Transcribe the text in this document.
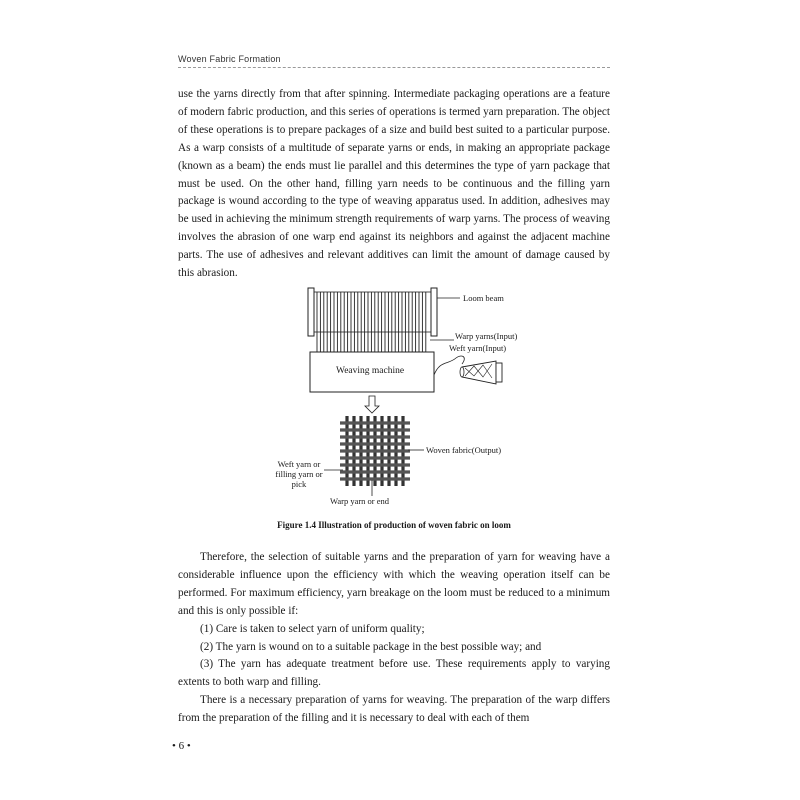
Woven Fabric Formation

use the yarns directly from that after spinning. Intermediate packaging operations are a feature of modern fabric production, and this series of operations is termed yarn preparation. The object of these operations is to prepare packages of a size and build best suited to a particular purpose. As a warp consists of a multitude of separate yarns or ends, in making an appropriate package (known as a beam) the ends must lie parallel and this determines the type of yarn package that must be used. On the other hand, filling yarn needs to be continuous and the filling yarn package is wound according to the type of weaving apparatus used. In addition, adhesives may be used in achieving the minimum strength requirements of warp yarns. The process of weaving involves the abrasion of one warp end against its neighbors and against the adjacent machine parts. The use of adhesives and relevant additives can limit the amount of damage caused by this abrasion.

Loom beam
Warp yarns(Input)
Weft yarn(Input)
Weaving machine
Woven fabric(Output)
Weft yarn or
filling yarn or
pick
Warp yarn or end
Figure 1.4 Illustration of production of woven fabric on loom

Therefore, the selection of suitable yarns and the preparation of yarn for weaving have a considerable influence upon the efficiency with which the weaving operation itself can be performed. For maximum efficiency, yarn breakage on the loom must be reduced to a minimum and this is only possible if:

(1) Care is taken to select yarn of uniform quality;

(2) The yarn is wound on to a suitable package in the best possible way; and

(3) The yarn has adequate treatment before use. These requirements apply to varying extents to both warp and filling.

There is a necessary preparation of yarns for weaving. The preparation of the warp differs from the preparation of the filling and it is necessary to deal with each of them

• 6 •
